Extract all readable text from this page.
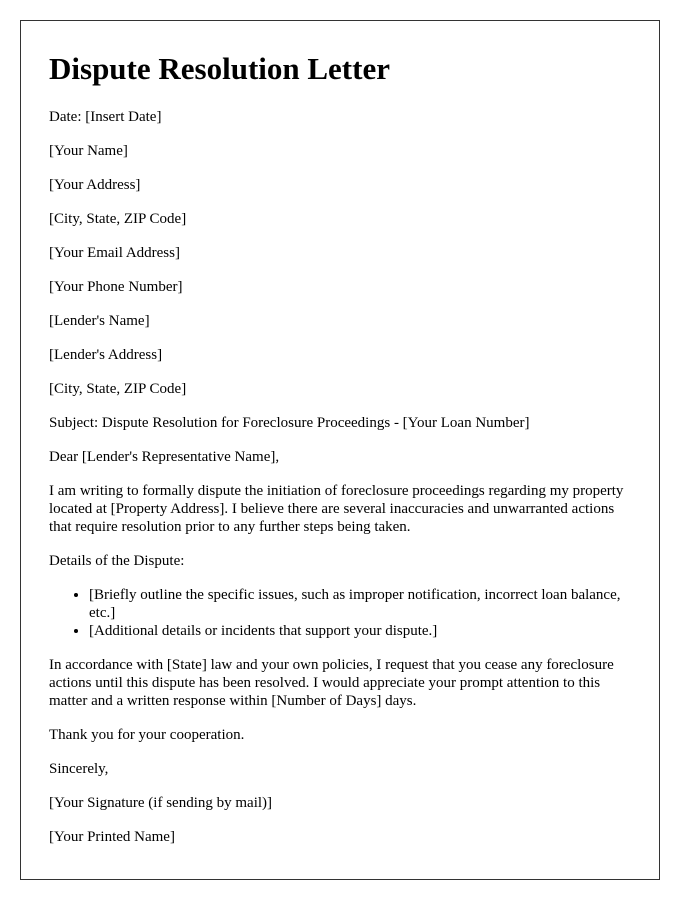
Dispute Resolution Letter

Date: [Insert Date]

[Your Name]

[Your Address]

[City, State, ZIP Code]

[Your Email Address]

[Your Phone Number]

[Lender's Name]

[Lender's Address]

[City, State, ZIP Code]

Subject: Dispute Resolution for Foreclosure Proceedings - [Your Loan Number]

Dear [Lender's Representative Name],

I am writing to formally dispute the initiation of foreclosure proceedings regarding my property located at [Property Address]. I believe there are several inaccuracies and unwarranted actions that require resolution prior to any further steps being taken.

Details of the Dispute:

• [Briefly outline the specific issues, such as improper notification, incorrect loan balance, etc.]
• [Additional details or incidents that support your dispute.]

In accordance with [State] law and your own policies, I request that you cease any foreclosure actions until this dispute has been resolved. I would appreciate your prompt attention to this matter and a written response within [Number of Days] days.

Thank you for your cooperation.

Sincerely,

[Your Signature (if sending by mail)]

[Your Printed Name]
